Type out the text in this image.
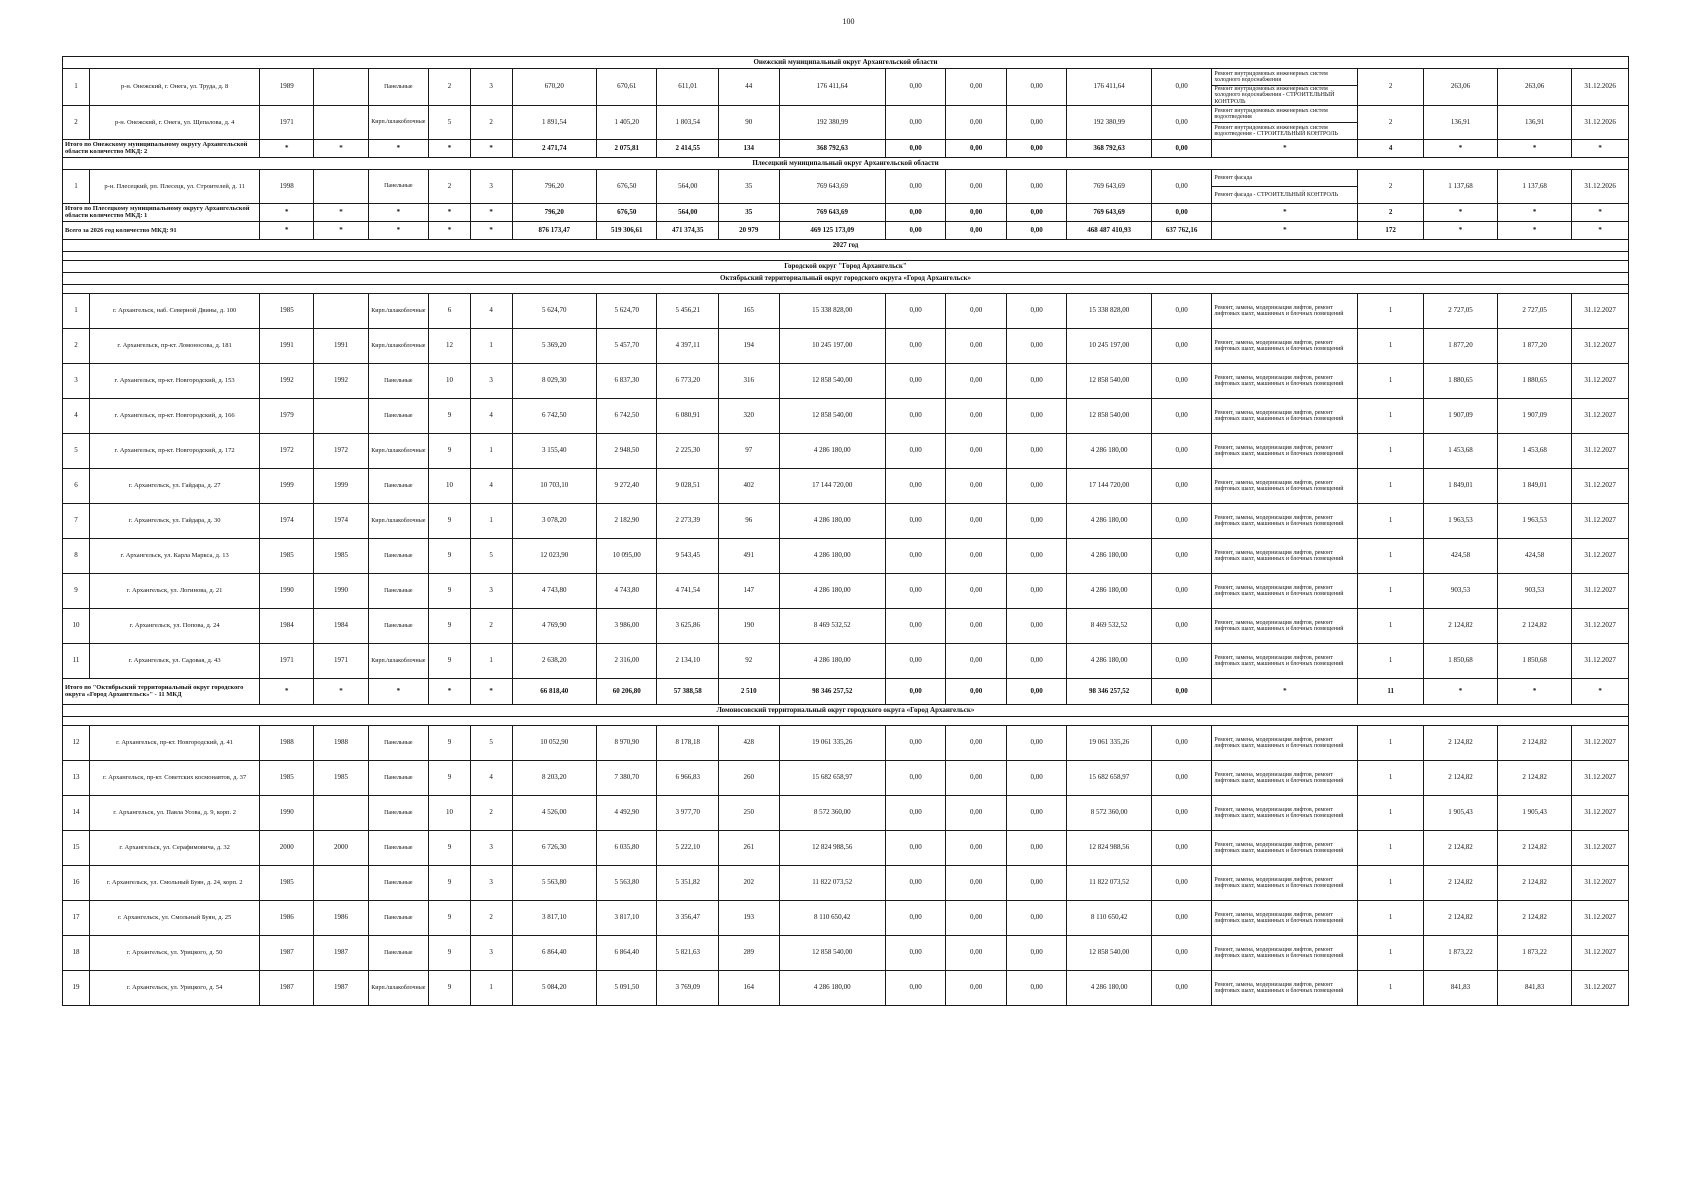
100
Онежский муниципальный округ Архангельской области																					
1	р-н. Онежский, г. Онега, ул. Труда, д. 8	1989		Панельные	2	3	670,20	670,61	611,01	44	176 411,64	0,00	0,00	0,00	176 411,64	0,00	Ремонт внутридомовых инженерных систем холодного водоснабжения	2	263,06	263,06	31.12.2026
																	Ремонт внутридомовых инженерных систем холодного водоснабжения - СТРОИТЕЛЬНЫЙ КОНТРОЛЬ				
2	р-н. Онежский, г. Онега, ул. Щепалова, д. 4	1971		Кирп./шлакоблочные	5	2	1 891,54	1 405,20	1 803,54	90	192 380,99	0,00	0,00	0,00	192 380,99	0,00	Ремонт внутридомовых инженерных систем водоотведения	2	136,91	136,91	31.12.2026
																	Ремонт внутридомовых инженерных систем водоотведения - СТРОИТЕЛЬНЫЙ КОНТРОЛЬ				
Итого по Онежскому муниципальному округу Архангельской области количество МКД: 2		*	*	*	*	*	2 471,74	2 075,81	2 414,55	134	368 792,63	0,00	0,00	0,00	368 792,63	0,00	*	4	*	*	*
Плесецкий муниципальный округ Архангельской области																					
1	р-н. Плесецкий, рп. Плесецк, ул. Строителей, д. 11	1998		Панельные	2	3	796,20	676,50	564,00	35	769 643,69	0,00	0,00	0,00	769 643,69	0,00	Ремонт фасада	2	1 137,68	1 137,68	31.12.2026
																	Ремонт фасада - СТРОИТЕЛЬНЫЙ КОНТРОЛЬ				
Итого по Плесецкому муниципальному округу Архангельской области количество МКД: 1		*	*	*	*	*	796,20	676,50	564,00	35	769 643,69	0,00	0,00	0,00	769 643,69	0,00	*	2	*	*	*
Всего за 2026 год количество МКД: 91		*	*	*	*	*	876 173,47	519 306,61	471 374,35	20 979	469 125 173,09	0,00	0,00	0,00	468 487 410,93	637 762,16	*	172	*	*	*
2027 год																					

Городской округ "Город Архангельск"																					
Октябрьский территориальный округ городского округа «Город Архангельск»																					

1	г. Архангельск, наб. Северной Двины, д. 100	1985		Кирп./шлакоблочные	6	4	5 624,70	5 624,70	5 456,21	165	15 338 828,00	0,00	0,00	0,00	15 338 828,00	0,00	Ремонт, замена, модернизация лифтов, ремонт лифтовых шахт, машинных и блочных помещений	1	2 727,05	2 727,05	31.12.2027
2	г. Архангельск, пр-кт. Ломоносова, д. 181	1991	1991	Кирп./шлакоблочные	12	1	5 369,20	5 457,70	4 397,11	194	10 245 197,00	0,00	0,00	0,00	10 245 197,00	0,00	Ремонт, замена, модернизация лифтов, ремонт лифтовых шахт, машинных и блочных помещений	1	1 877,20	1 877,20	31.12.2027
3	г. Архангельск, пр-кт. Новгородский, д. 153	1992	1992	Панельные	10	3	8 029,30	6 837,30	6 773,20	316	12 858 540,00	0,00	0,00	0,00	12 858 540,00	0,00	Ремонт, замена, модернизация лифтов, ремонт лифтовых шахт, машинных и блочных помещений	1	1 880,65	1 880,65	31.12.2027
4	г. Архангельск, пр-кт. Новгородский, д. 166	1979		Панельные	9	4	6 742,50	6 742,50	6 080,91	320	12 858 540,00	0,00	0,00	0,00	12 858 540,00	0,00	Ремонт, замена, модернизация лифтов, ремонт лифтовых шахт, машинных и блочных помещений	1	1 907,09	1 907,09	31.12.2027
5	г. Архангельск, пр-кт. Новгородский, д. 172	1972	1972	Кирп./шлакоблочные	9	1	3 155,40	2 948,50	2 225,30	97	4 286 180,00	0,00	0,00	0,00	4 286 180,00	0,00	Ремонт, замена, модернизация лифтов, ремонт лифтовых шахт, машинных и блочных помещений	1	1 453,68	1 453,68	31.12.2027
6	г. Архангельск, ул. Гайдара, д. 27	1999	1999	Панельные	10	4	10 703,10	9 272,40	9 028,51	402	17 144 720,00	0,00	0,00	0,00	17 144 720,00	0,00	Ремонт, замена, модернизация лифтов, ремонт лифтовых шахт, машинных и блочных помещений	1	1 849,01	1 849,01	31.12.2027
7	г. Архангельск, ул. Гайдара, д. 30	1974	1974	Кирп./шлакоблочные	9	1	3 078,20	2 182,90	2 273,39	96	4 286 180,00	0,00	0,00	0,00	4 286 180,00	0,00	Ремонт, замена, модернизация лифтов, ремонт лифтовых шахт, машинных и блочных помещений	1	1 963,53	1 963,53	31.12.2027
8	г. Архангельск, ул. Карла Маркса, д. 13	1985	1985	Панельные	9	5	12 023,90	10 095,00	9 543,45	491	4 286 180,00	0,00	0,00	0,00	4 286 180,00	0,00	Ремонт, замена, модернизация лифтов, ремонт лифтовых шахт, машинных и блочных помещений	1	424,58	424,58	31.12.2027
9	г. Архангельск, ул. Логинова, д. 21	1990	1990	Панельные	9	3	4 743,80	4 743,80	4 741,54	147	4 286 180,00	0,00	0,00	0,00	4 286 180,00	0,00	Ремонт, замена, модернизация лифтов, ремонт лифтовых шахт, машинных и блочных помещений	1	903,53	903,53	31.12.2027
10	г. Архангельск, ул. Попова, д. 24	1984	1984	Панельные	9	2	4 769,90	3 986,00	3 625,86	190	8 469 532,52	0,00	0,00	0,00	8 469 532,52	0,00	Ремонт, замена, модернизация лифтов, ремонт лифтовых шахт, машинных и блочных помещений	1	2 124,82	2 124,82	31.12.2027
11	г. Архангельск, ул. Садовая, д. 43	1971	1971	Кирп./шлакоблочные	9	1	2 638,20	2 316,00	2 134,10	92	4 286 180,00	0,00	0,00	0,00	4 286 180,00	0,00	Ремонт, замена, модернизация лифтов, ремонт лифтовых шахт, машинных и блочных помещений	1	1 850,68	1 850,68	31.12.2027
Итого по "Октябрьский территориальный округ городского округа «Город Архангельск»" - 11 МКД		*	*	*	*	*	66 818,40	60 206,80	57 388,58	2 510	98 346 257,52	0,00	0,00	0,00	98 346 257,52	0,00	*	11	*	*	*
Ломоносовский территориальный округ городского округа «Город Архангельск»																					

12	г. Архангельск, пр-кт. Новгородский, д. 41	1988	1988	Панельные	9	5	10 052,90	8 970,90	8 178,18	428	19 061 335,26	0,00	0,00	0,00	19 061 335,26	0,00	Ремонт, замена, модернизация лифтов, ремонт лифтовых шахт, машинных и блочных помещений	1	2 124,82	2 124,82	31.12.2027
13	г. Архангельск, пр-кт. Советских космонавтов, д. 37	1985	1985	Панельные	9	4	8 203,20	7 380,70	6 966,83	260	15 682 658,97	0,00	0,00	0,00	15 682 658,97	0,00	Ремонт, замена, модернизация лифтов, ремонт лифтовых шахт, машинных и блочных помещений	1	2 124,82	2 124,82	31.12.2027
14	г. Архангельск, ул. Павла Усова, д. 9, корп. 2	1990		Панельные	10	2	4 526,00	4 492,90	3 977,70	250	8 572 360,00	0,00	0,00	0,00	8 572 360,00	0,00	Ремонт, замена, модернизация лифтов, ремонт лифтовых шахт, машинных и блочных помещений	1	1 905,43	1 905,43	31.12.2027
15	г. Архангельск, ул. Серафимовича, д. 32	2000	2000	Панельные	9	3	6 726,30	6 035,80	5 222,10	261	12 824 988,56	0,00	0,00	0,00	12 824 988,56	0,00	Ремонт, замена, модернизация лифтов, ремонт лифтовых шахт, машинных и блочных помещений	1	2 124,82	2 124,82	31.12.2027
16	г. Архангельск, ул. Смольный Буян, д. 24, корп. 2	1985		Панельные	9	3	5 563,80	5 563,80	5 351,82	202	11 822 073,52	0,00	0,00	0,00	11 822 073,52	0,00	Ремонт, замена, модернизация лифтов, ремонт лифтовых шахт, машинных и блочных помещений	1	2 124,82	2 124,82	31.12.2027
17	г. Архангельск, ул. Смольный Буян, д. 25	1986	1986	Панельные	9	2	3 817,10	3 817,10	3 356,47	193	8 110 650,42	0,00	0,00	0,00	8 110 650,42	0,00	Ремонт, замена, модернизация лифтов, ремонт лифтовых шахт, машинных и блочных помещений	1	2 124,82	2 124,82	31.12.2027
18	г. Архангельск, ул. Урицкого, д. 50	1987	1987	Панельные	9	3	6 864,40	6 864,40	5 821,63	289	12 858 540,00	0,00	0,00	0,00	12 858 540,00	0,00	Ремонт, замена, модернизация лифтов, ремонт лифтовых шахт, машинных и блочных помещений	1	1 873,22	1 873,22	31.12.2027
19	г. Архангельск, ул. Урицкого, д. 54	1987	1987	Кирп./шлакоблочные	9	1	5 084,20	5 091,50	3 769,09	164	4 286 180,00	0,00	0,00	0,00	4 286 180,00	0,00	Ремонт, замена, модернизация лифтов, ремонт лифтовых шахт, машинных и блочных помещений	1	841,83	841,83	31.12.2027
